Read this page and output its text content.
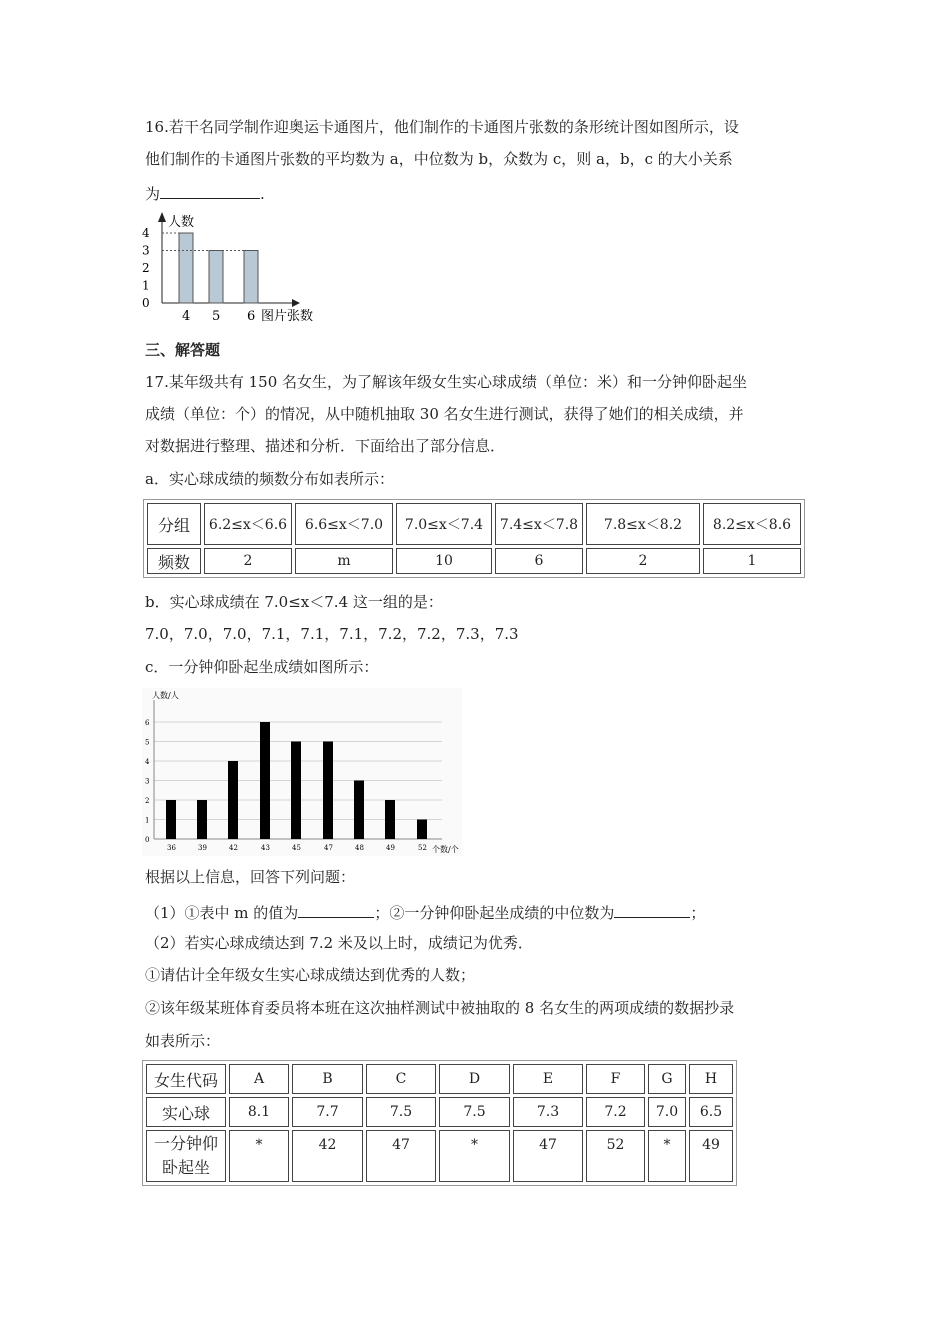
16.若干名同学制作迎奥运卡通图片，他们制作的卡通图片张数的条形统计图如图所示，设
他们制作的卡通图片张数的平均数为 a，中位数为 b，众数为 c，则 a，b，c 的大小关系
为	.
人数
0
1
2
3
4
4 5 6 图片张数
三、解答题
17.某年级共有 150 名女生，为了解该年级女生实心球成绩（单位：米）和一分钟仰卧起坐
成绩（单位：个）的情况，从中随机抽取 30 名女生进行测试，获得了她们的相关成绩，并
对数据进行整理、描述和分析．下面给出了部分信息．
a．实心球成绩的频数分布如表所示：
分组	6.2≤x＜6.6	6.6≤x＜7.0	7.0≤x＜7.4	7.4≤x＜7.8	7.8≤x＜8.2	8.2≤x＜8.6
频数	2	m	10	6	2	1
b．实心球成绩在 7.0≤x＜7.4 这一组的是：
7.0，7.0，7.0，7.1，7.1，7.1，7.2，7.2，7.3，7.3
c．一分钟仰卧起坐成绩如图所示：
人数/人
0
1
2
3
4
5
6
36	39	42	43	45	47	48	49	52 个数/个
根据以上信息，回答下列问题：
（1）①表中 m 的值为	；②一分钟仰卧起坐成绩的中位数为	；
（2）若实心球成绩达到 7.2 米及以上时，成绩记为优秀．
①请估计全年级女生实心球成绩达到优秀的人数；
②该年级某班体育委员将本班在这次抽样测试中被抽取的 8 名女生的两项成绩的数据抄录
如表所示：
女生代码	A	B	C	D	E	F	G	H
实心球	8.1	7.7	7.5	7.5	7.3	7.2	7.0	6.5
一分钟仰
卧起坐	*	42	47	*	47	52	*	49
